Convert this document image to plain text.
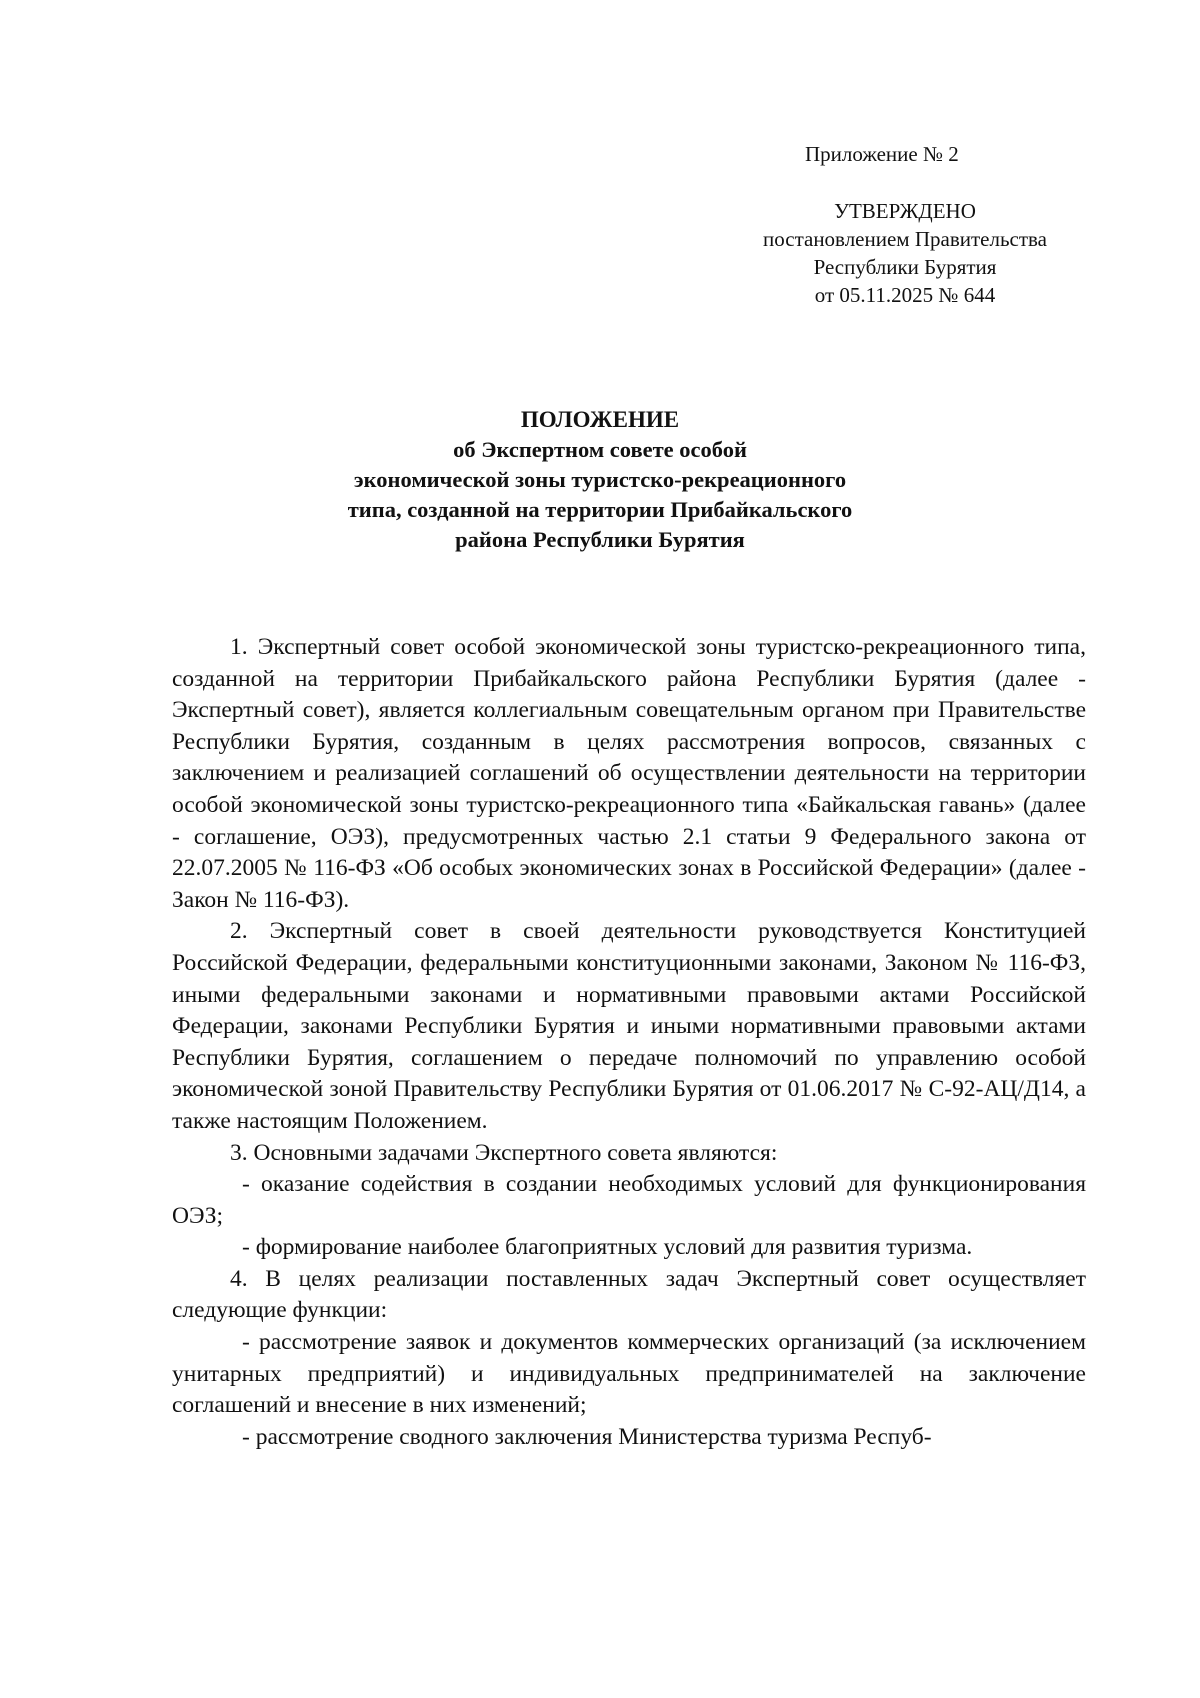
Приложение № 2
УТВЕРЖДЕНО
постановлением Правительства
Республики Бурятия
от 05.11.2025 № 644
ПОЛОЖЕНИЕ
об Экспертном совете особой
экономической зоны туристско-рекреационного
типа, созданной на территории Прибайкальского
района Республики Бурятия

1. Экспертный совет особой экономической зоны туристско-рекреационного типа, созданной на территории Прибайкальского района Республики Бурятия (далее - Экспертный совет), является коллегиальным совещательным органом при Правительстве Республики Бурятия, созданным в целях рассмотрения вопросов, связанных с заключением и реализацией соглашений об осуществлении деятельности на территории особой экономической зоны туристско-рекреационного типа «Байкальская гавань» (далее - соглашение, ОЭЗ), предусмотренных частью 2.1 статьи 9 Федерального закона от 22.07.2005 № 116-ФЗ «Об особых экономических зонах в Российской Федерации» (далее - Закон № 116-ФЗ).

2. Экспертный совет в своей деятельности руководствуется Конституцией Российской Федерации, федеральными конституционными законами, Законом № 116-ФЗ, иными федеральными законами и нормативными правовыми актами Российской Федерации, законами Республики Бурятия и иными нормативными правовыми актами Республики Бурятия, соглашением о передаче полномочий по управлению особой экономической зоной Правительству Республики Бурятия от 01.06.2017 № С-92-АЦ/Д14, а также настоящим Положением.

3. Основными задачами Экспертного совета являются:

- оказание содействия в создании необходимых условий для функционирования ОЭЗ;

- формирование наиболее благоприятных условий для развития туризма.

4. В целях реализации поставленных задач Экспертный совет осуществляет следующие функции:

- рассмотрение заявок и документов коммерческих организаций (за исключением унитарных предприятий) и индивидуальных предпринимателей на заключение соглашений и внесение в них изменений;

- рассмотрение сводного заключения Министерства туризма Респуб-
